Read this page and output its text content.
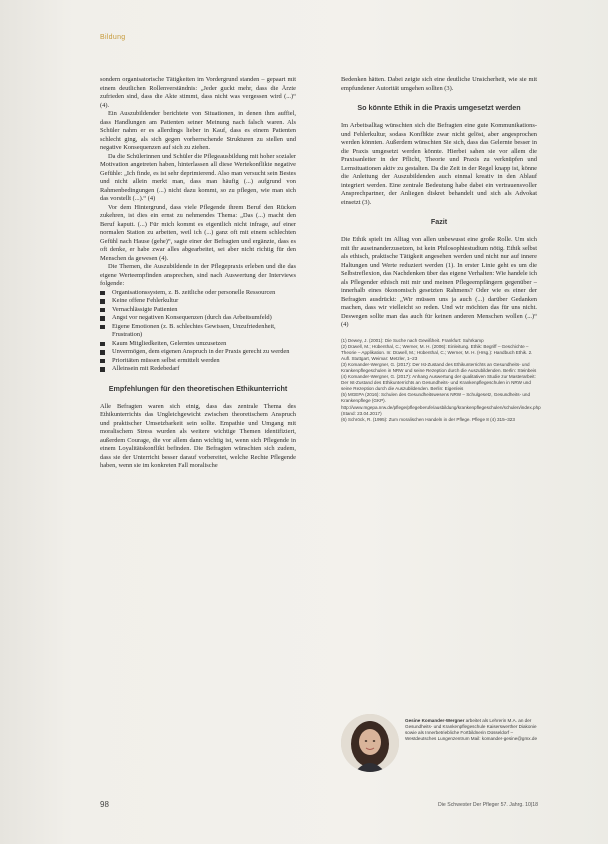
Bildung

sondern organisatorische Tätigkeiten im Vordergrund standen – gepaart mit einem deutlichen Rollenverständnis: „Jeder guckt mehr, dass die Ärzte zufrieden sind, dass die Akte stimmt, dass nicht was vergessen wird (...)“ (4).

Ein Auszubildender berichtete von Situationen, in denen ihm auffiel, dass Handlungen am Patienten seiner Meinung nach falsch waren. Als Schüler nahm er es allerdings lieber in Kauf, dass es einem Patienten schlecht ging, als sich gegen vorherrschende Strukturen zu stellen und negative Konsequenzen auf sich zu ziehen.

Da die Schülerinnen und Schüler die Pflegeausbildung mit hoher sozialer Motivation angetreten haben, hinterlassen all diese Wertekonflikte negative Gefühle: „Ich finde, es ist sehr deprimierend. Also man versucht sein Bestes und nicht allein merkt man, dass man häufig (...) aufgrund von Rahmenbedingungen (...) nicht dazu kommt, so zu pflegen, wie man sich das vorstellt (...).“ (4)

Vor dem Hintergrund, dass viele Pflegende ihrem Beruf den Rücken zukehren, ist dies ein ernst zu nehmendes Thema: „Das (...) macht den Beruf kaputt. (...) Für mich kommt es eigentlich nicht infrage, auf einer normalen Station zu arbeiten, weil ich (...) ganz oft mit einem schlechten Gefühl nach Hause (gehe)“, sagte einer der Befragten und ergänzte, dass es oft denke, er habe zwar alles abgearbeitet, sei aber nicht richtig für den Menschen da gewesen (4).

Die Themen, die Auszubildende in der Pflegepraxis erleben und die das eigene Werteempfinden ansprechen, sind nach Auswertung der Interviews folgende:

Organisationssystem, z. B. zeitliche oder personelle Ressourcen
Keine offene Fehlerkultur
Vernachlässigte Patienten
Angst vor negativen Konsequenzen (durch das Arbeitsumfeld)
Eigene Emotionen (z. B. schlechtes Gewissen, Unzufriedenheit, Frustration)
Kaum Mitgliedkeiten, Gelerntes umzusetzen
Unvermögen, dem eigenen Anspruch in der Praxis gerecht zu werden
Prioritäten müssen selbst ermittelt werden
Alleinsein mit Redebedarf
Empfehlungen für den theoretischen Ethikunterricht

Alle Befragten waren sich einig, dass das zentrale Thema des Ethikunterrichts das Ungleichgewicht zwischen theoretischem Anspruch und praktischer Umsetzbarkeit sein sollte. Empathie und Umgang mit moralischem Stress wurden als weitere wichtige Themen identifiziert, außerdem Courage, die vor allem dann wichtig ist, wenn sich Pflegende in einem Loyalitätskonflikt befinden. Die Befragten wünschten sich zudem, dass sie der Unterricht besser darauf vorbereitet, welche Rechte Pflegende haben, wenn sie im konkreten Fall moralische

Bedenken hätten. Dabei zeigte sich eine deutliche Unsicherheit, wie sie mit empfundener Autorität umgehen sollten (3).

So könnte Ethik in die Praxis umgesetzt werden

Im Arbeitsalltag wünschten sich die Befragten eine gute Kommunikations- und Fehlerkultur, sodass Konflikte zwar nicht gelöst, aber angesprochen werden könnten. Außerdem wünschten Sie sich, dass das Gelernte besser in die Praxis umgesetzt werden könnte. Hierbei sahen sie vor allem die Praxisanleiter in der Pflicht, Theorie und Praxis zu verknüpfen und Lernsituationen aktiv zu gestalten. Da die Zeit in der Regel knapp ist, könne die Anleitung der Auszubildenden auch einmal kreativ in den Ablauf integriert werden. Eine zentrale Bedeutung habe dabei ein vertrauensvoller Ansprechpartner, der Anliegen diskret behandelt und sich als Advokat einsetzt (3).

Fazit

Die Ethik spielt im Alltag von allen unbewusst eine große Rolle. Um sich mit ihr auseinanderzusetzen, ist kein Philosophiestudium nötig. Ethik selbst als ethisch, praktische Tätigkeit angesehen werden und nicht nur auf innere Haltungen und Werte reduziert werden (1). In erster Linie geht es um die Selbstreflexion, das Nachdenken über das eigene Verhalten: Wie handele ich als Pflegender ethisch mit mir und meinen Pflegeempfängern gegenüber – innerhalb eines ökonomisch gesetzten Rahmens? Oder wie es einer der Befragten ausdrückt: „Wir müssen uns ja auch (...) darüber Gedanken machen, dass wir vielleicht so reden. Und wir möchten das für uns nicht. Deswegen sollte man das auch für keinen anderen Menschen wollen (...)“ (4)

(1) Dewey, J. (2001): Die Suche nach Gewißheit. Frankfurt: Suhrkamp

(2) Düwell, M.; Hübenthal, C.; Werner, M. H. (2006): Einleitung. Ethik: Begriff – Geschichte – Theorie – Applikation. In: Düwell, M.; Hübenthal, C.; Werner, M. H. (Hrsg.): Handbuch Ethik. 2. Aufl. Stuttgart, Weimar: Metzler, 1–23

(3) Komander-Wergner, G. (2017): Der Ist-Zustand des Ethikunterrichts an Gesundheits- und Krankenpflegeschulen in NRW und seine Rezeption durch die Auszubildenden. Berlin: Steinbeis

(4) Komander-Wergner, G. (2017): Anhang Auswertung der qualitativen Studie zur Masterarbeit: Der Ist-Zustand des Ethikunterrichts an Gesundheits- und Krankenpflegeschulen in NRW und seine Rezeption durch die Auszubildenden. Berlin: Eigenleis

(5) MGEPA (2016): Schulen des Gesundheitswesens NRW – Schulgesetz, Gesundheits- und Krankenpflege (GKP). http://www.mgepa.nrw.de/pflege/pflegeberufe/ausbildung/krankenpflegeschulen/schulen/index.php (Stand: 23.04.2017)

(6) Schröck, R. (1995): Zum moralischen Handeln in der Pflege. Pflege 8 (4) 315–323

Gesine Komander-Wergner arbeitet als Lehrerin M.A. an der Gesundheits- und Krankenpflegeschule Kaiserswerther Diakonie sowie als Innerbetriebliche Fortbildnerin Düsseldorf – Westdeutsches Lungenzentrum Mail: komander-gesine@gmx.de
98	Die Schwester Der Pfleger 57. Jahrg. 10|18
